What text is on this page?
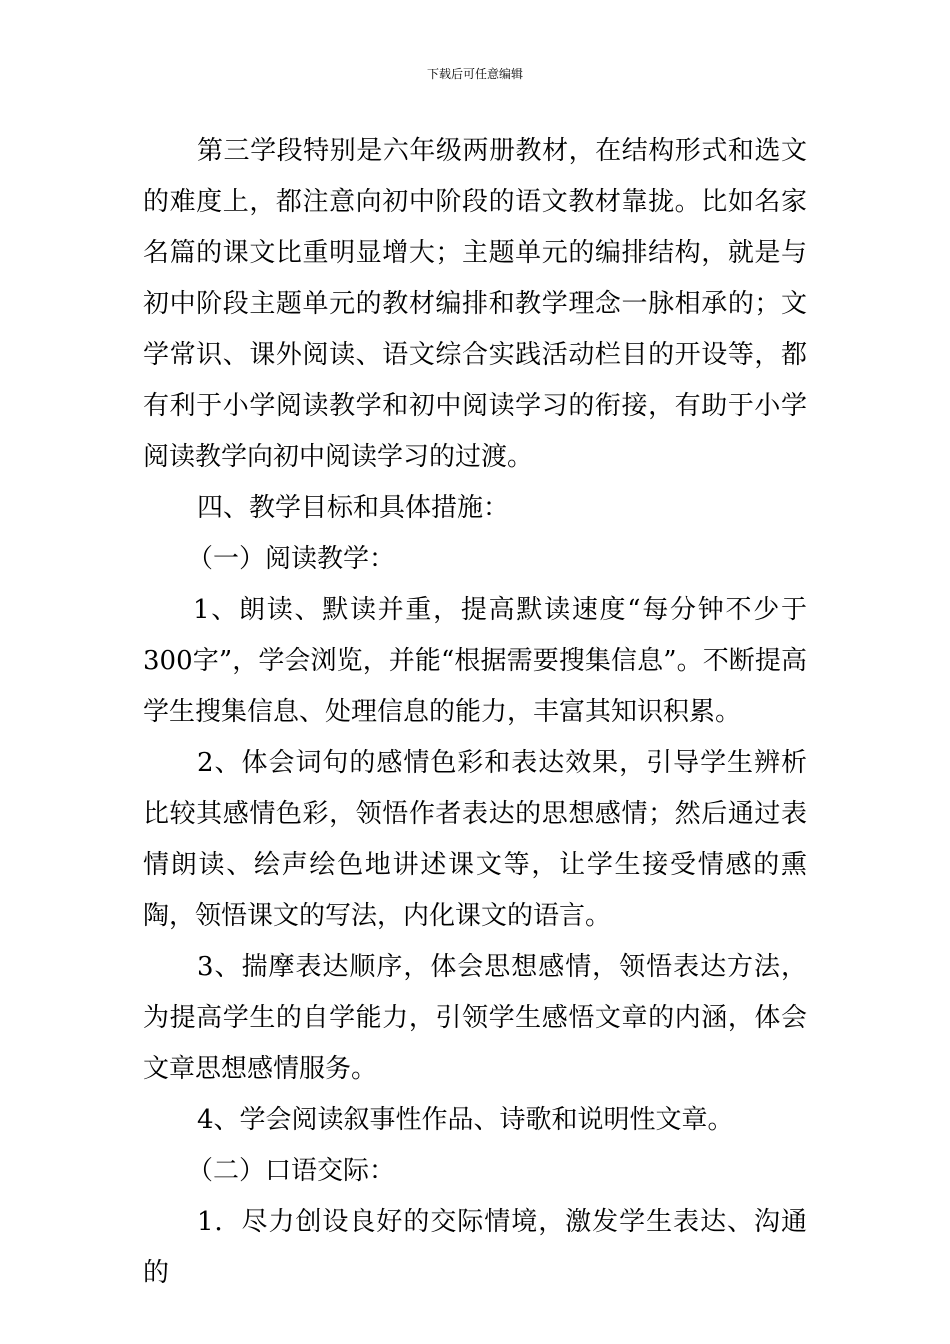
下载后可任意编辑

第三学段特别是六年级两册教材，在结构形式和选文的难度上，都注意向初中阶段的语文教材靠拢。比如名家名篇的课文比重明显增大；主题单元的编排结构，就是与初中阶段主题单元的教材编排和教学理念一脉相承的；文学常识、课外阅读、语文综合实践活动栏目的开设等，都有利于小学阅读教学和初中阅读学习的衔接，有助于小学阅读教学向初中阅读学习的过渡。

四、教学目标和具体措施：

（一）阅读教学：

1、朗读、默读并重，提高默读速度“每分钟不少于300字”，学会浏览，并能“根据需要搜集信息”。不断提高学生搜集信息、处理信息的能力，丰富其知识积累。

2、体会词句的感情色彩和表达效果，引导学生辨析比较其感情色彩，领悟作者表达的思想感情；然后通过表情朗读、绘声绘色地讲述课文等，让学生接受情感的熏陶，领悟课文的写法，内化课文的语言。

3、揣摩表达顺序，体会思想感情，领悟表达方法，为提高学生的自学能力，引领学生感悟文章的内涵，体会文章思想感情服务。

4、学会阅读叙事性作品、诗歌和说明性文章。

（二）口语交际：

1．尽力创设良好的交际情境，激发学生表达、沟通的
